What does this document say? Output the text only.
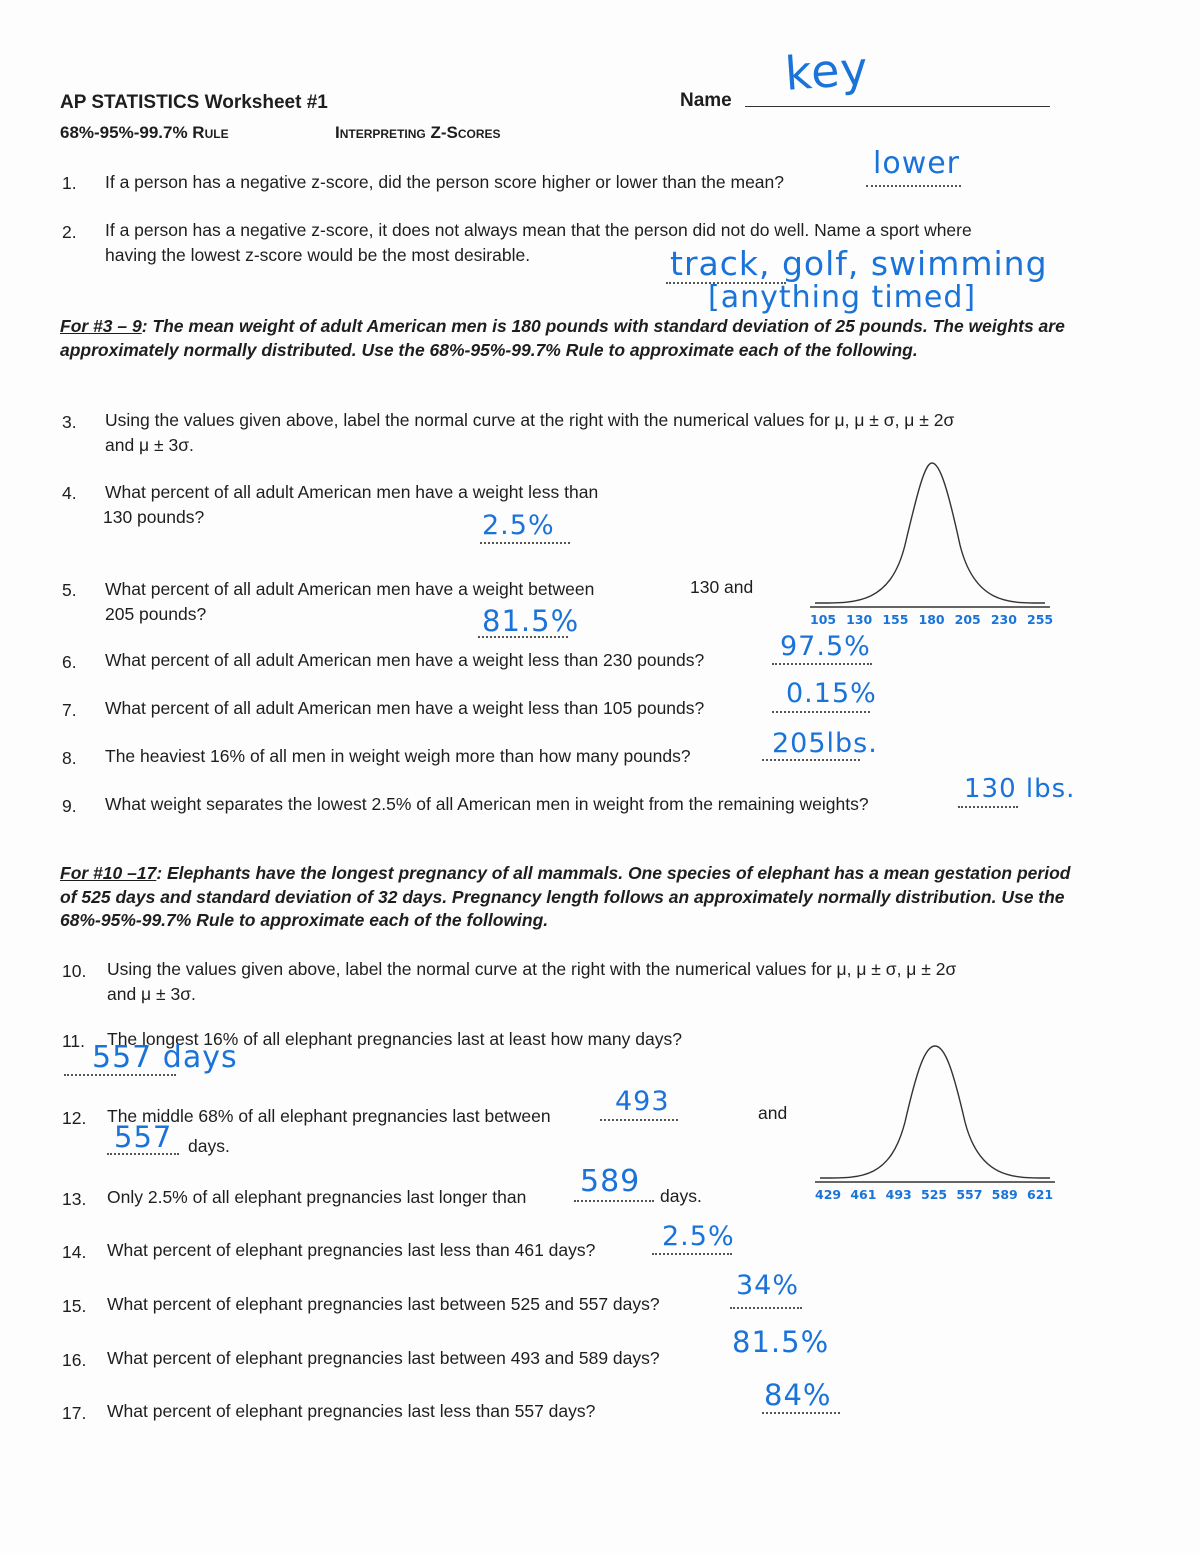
AP STATISTICS Worksheet #1	Name key
68%-95%-99.7% Rule	Interpreting Z-Scores
1. If a person has a negative z-score, did the person score higher or lower than the mean?
lower
2. If a person has a negative z-score, it does not always mean that the person did not do well. Name a sport where
having the lowest z-score would be the most desirable.	track, golf, swimming
[anything timed]
For #3 – 9: The mean weight of adult American men is 180 pounds with standard deviation of 25 pounds. The weights are approximately normally distributed. Use the 68%-95%-99.7% Rule to approximate each of the following.
3. Using the values given above, label the normal curve at the right with the numerical values for μ, μ ± σ, μ ± 2σ
and μ ± 3σ.
4. What percent of all adult American men have a weight less than
130 pounds?	2.5%
105 130 155 180 205 230 255
5. What percent of all adult American men have a weight between	130 and
205 pounds?	81.5%
6. What percent of all adult American men have a weight less than 230 pounds?	97.5%
7. What percent of all adult American men have a weight less than 105 pounds?	0.15%
8. The heaviest 16% of all men in weight weigh more than how many pounds?	205lbs.
9. What weight separates the lowest 2.5% of all American men in weight from the remaining weights?	130 lbs.
For #10 –17: Elephants have the longest pregnancy of all mammals. One species of elephant has a mean gestation period of 525 days and standard deviation of 32 days. Pregnancy length follows an approximately normally distribution. Use the 68%-95%-99.7% Rule to approximate each of the following.
10. Using the values given above, label the normal curve at the right with the numerical values for μ, μ ± σ, μ ± 2σ
and μ ± 3σ.
11. The longest 16% of all elephant pregnancies last at least how many days?
557 days
429 461 493 525 557 589 621
12. The middle 68% of all elephant pregnancies last between 493	and
557 days.
13. Only 2.5% of all elephant pregnancies last longer than 589 days.
14. What percent of elephant pregnancies last less than 461 days? 2.5%
15. What percent of elephant pregnancies last between 525 and 557 days?
34%
16. What percent of elephant pregnancies last between 493 and 589 days? 81.5%
17. What percent of elephant pregnancies last less than 557 days?	84%
